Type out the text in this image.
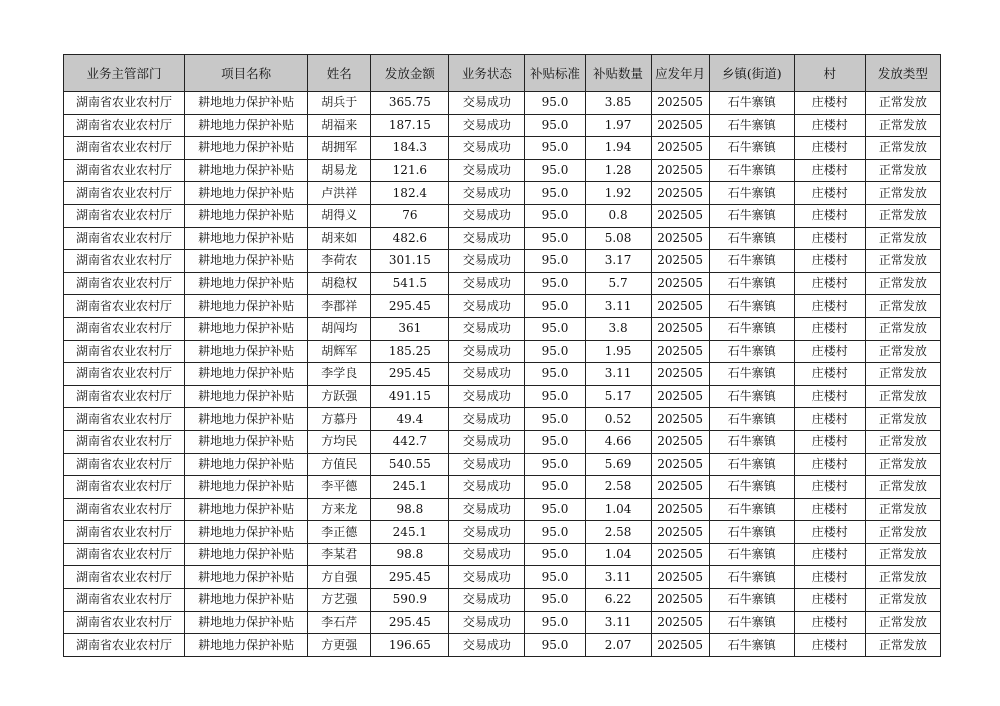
业务主管部门	项目名称	姓名	发放金额	业务状态	补贴标准	补贴数量	应发年月	乡镇(街道)	村	发放类型
湖南省农业农村厅	耕地地力保护补贴	胡兵于	365.75	交易成功	95.0	3.85	202505	石牛寨镇	庄楼村	正常发放
湖南省农业农村厅	耕地地力保护补贴	胡福来	187.15	交易成功	95.0	1.97	202505	石牛寨镇	庄楼村	正常发放
湖南省农业农村厅	耕地地力保护补贴	胡拥军	184.3	交易成功	95.0	1.94	202505	石牛寨镇	庄楼村	正常发放
湖南省农业农村厅	耕地地力保护补贴	胡易龙	121.6	交易成功	95.0	1.28	202505	石牛寨镇	庄楼村	正常发放
湖南省农业农村厅	耕地地力保护补贴	卢洪祥	182.4	交易成功	95.0	1.92	202505	石牛寨镇	庄楼村	正常发放
湖南省农业农村厅	耕地地力保护补贴	胡得义	76	交易成功	95.0	0.8	202505	石牛寨镇	庄楼村	正常发放
湖南省农业农村厅	耕地地力保护补贴	胡来如	482.6	交易成功	95.0	5.08	202505	石牛寨镇	庄楼村	正常发放
湖南省农业农村厅	耕地地力保护补贴	李荷农	301.15	交易成功	95.0	3.17	202505	石牛寨镇	庄楼村	正常发放
湖南省农业农村厅	耕地地力保护补贴	胡稳权	541.5	交易成功	95.0	5.7	202505	石牛寨镇	庄楼村	正常发放
湖南省农业农村厅	耕地地力保护补贴	李郡祥	295.45	交易成功	95.0	3.11	202505	石牛寨镇	庄楼村	正常发放
湖南省农业农村厅	耕地地力保护补贴	胡闯均	361	交易成功	95.0	3.8	202505	石牛寨镇	庄楼村	正常发放
湖南省农业农村厅	耕地地力保护补贴	胡辉军	185.25	交易成功	95.0	1.95	202505	石牛寨镇	庄楼村	正常发放
湖南省农业农村厅	耕地地力保护补贴	李学良	295.45	交易成功	95.0	3.11	202505	石牛寨镇	庄楼村	正常发放
湖南省农业农村厅	耕地地力保护补贴	方跃强	491.15	交易成功	95.0	5.17	202505	石牛寨镇	庄楼村	正常发放
湖南省农业农村厅	耕地地力保护补贴	方慕丹	49.4	交易成功	95.0	0.52	202505	石牛寨镇	庄楼村	正常发放
湖南省农业农村厅	耕地地力保护补贴	方均民	442.7	交易成功	95.0	4.66	202505	石牛寨镇	庄楼村	正常发放
湖南省农业农村厅	耕地地力保护补贴	方值民	540.55	交易成功	95.0	5.69	202505	石牛寨镇	庄楼村	正常发放
湖南省农业农村厅	耕地地力保护补贴	李平德	245.1	交易成功	95.0	2.58	202505	石牛寨镇	庄楼村	正常发放
湖南省农业农村厅	耕地地力保护补贴	方来龙	98.8	交易成功	95.0	1.04	202505	石牛寨镇	庄楼村	正常发放
湖南省农业农村厅	耕地地力保护补贴	李正德	245.1	交易成功	95.0	2.58	202505	石牛寨镇	庄楼村	正常发放
湖南省农业农村厅	耕地地力保护补贴	李某君	98.8	交易成功	95.0	1.04	202505	石牛寨镇	庄楼村	正常发放
湖南省农业农村厅	耕地地力保护补贴	方自强	295.45	交易成功	95.0	3.11	202505	石牛寨镇	庄楼村	正常发放
湖南省农业农村厅	耕地地力保护补贴	方艺强	590.9	交易成功	95.0	6.22	202505	石牛寨镇	庄楼村	正常发放
湖南省农业农村厅	耕地地力保护补贴	李石芹	295.45	交易成功	95.0	3.11	202505	石牛寨镇	庄楼村	正常发放
湖南省农业农村厅	耕地地力保护补贴	方更强	196.65	交易成功	95.0	2.07	202505	石牛寨镇	庄楼村	正常发放
